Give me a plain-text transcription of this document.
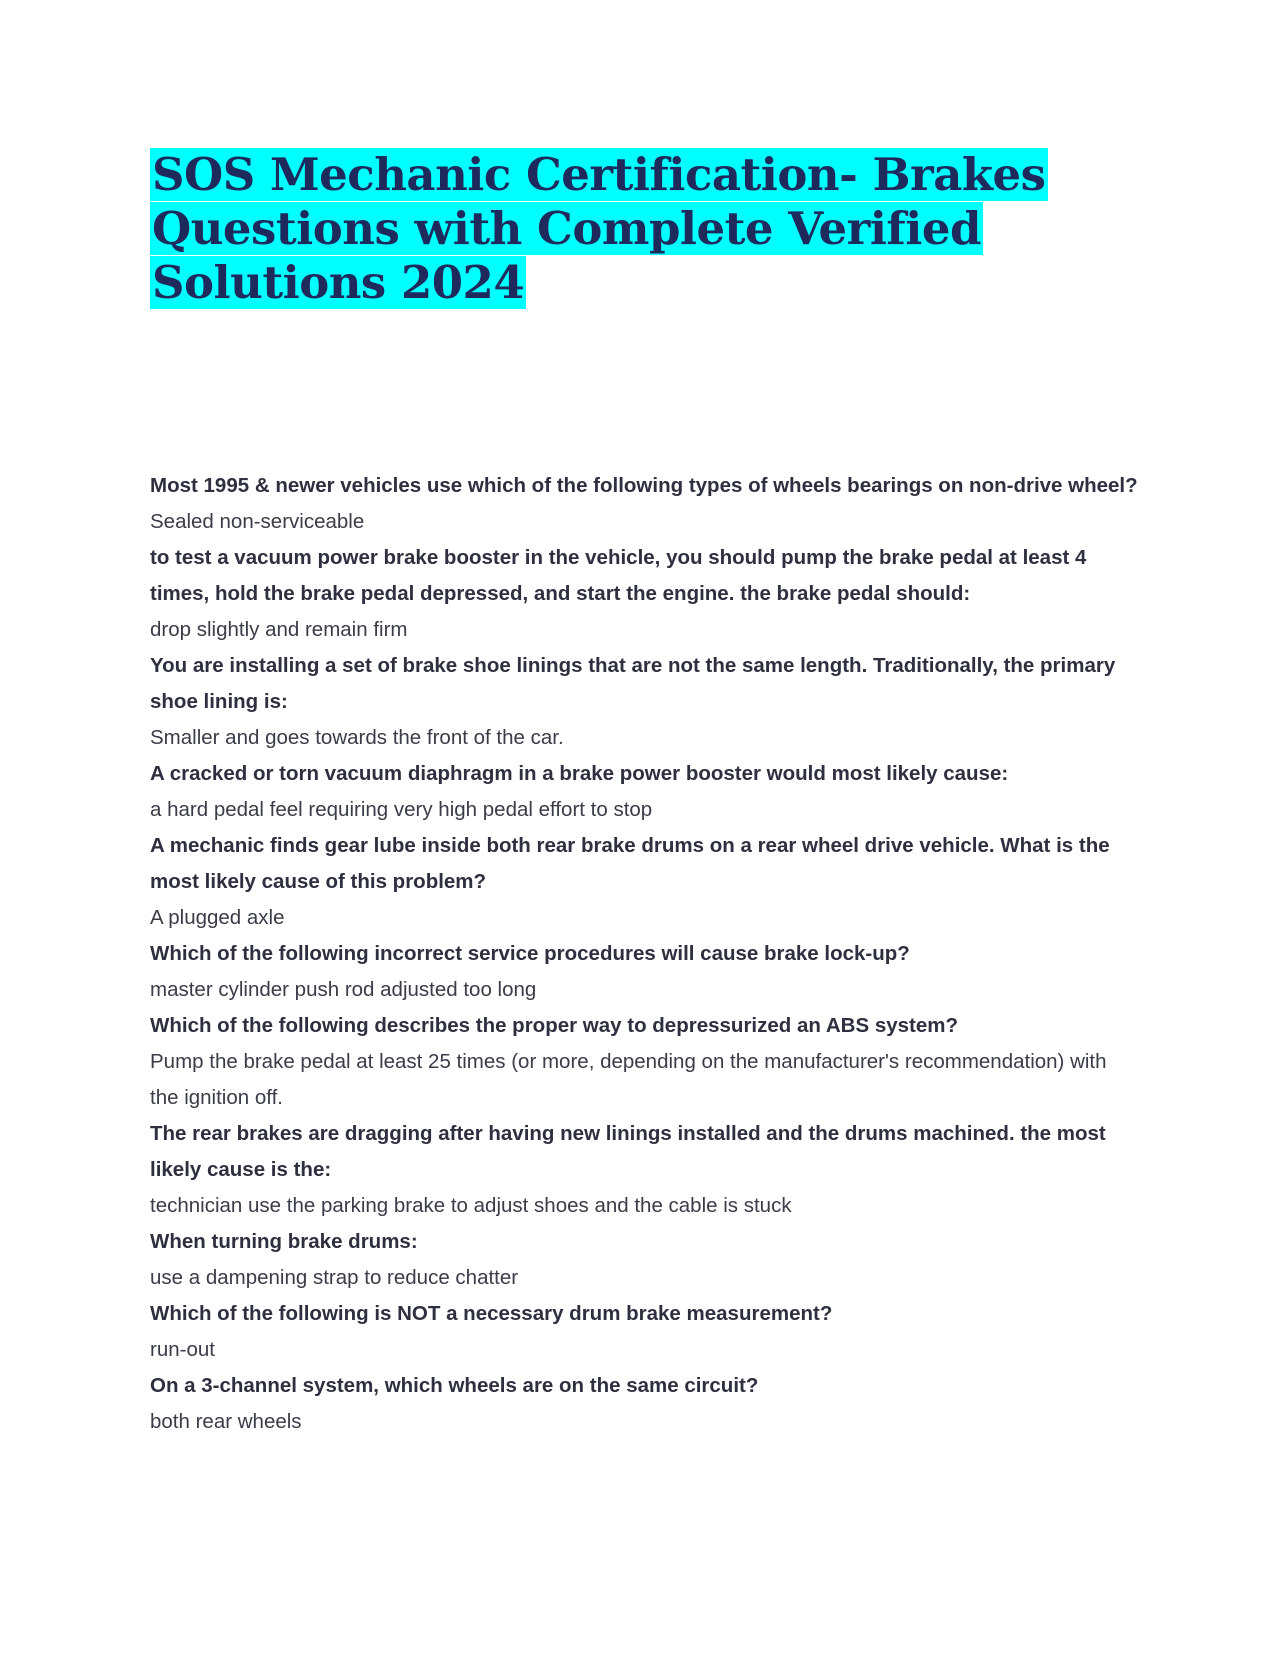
SOS Mechanic Certification- Brakes Questions with Complete Verified Solutions 2024

Most 1995 & newer vehicles use which of the following types of wheels bearings on non-drive wheel?

Sealed non-serviceable

to test a vacuum power brake booster in the vehicle, you should pump the brake pedal at least 4 times, hold the brake pedal depressed, and start the engine. the brake pedal should:

drop slightly and remain firm

You are installing a set of brake shoe linings that are not the same length. Traditionally, the primary shoe lining is:

Smaller and goes towards the front of the car.

A cracked or torn vacuum diaphragm in a brake power booster would most likely cause:

a hard pedal feel requiring very high pedal effort to stop

A mechanic finds gear lube inside both rear brake drums on a rear wheel drive vehicle. What is the most likely cause of this problem?

A plugged axle

Which of the following incorrect service procedures will cause brake lock-up?

master cylinder push rod adjusted too long

Which of the following describes the proper way to depressurized an ABS system?

Pump the brake pedal at least 25 times (or more, depending on the manufacturer's recommendation) with the ignition off.

The rear brakes are dragging after having new linings installed and the drums machined. the most likely cause is the:

technician use the parking brake to adjust shoes and the cable is stuck

When turning brake drums:

use a dampening strap to reduce chatter

Which of the following is NOT a necessary drum brake measurement?

run-out

On a 3-channel system, which wheels are on the same circuit?

both rear wheels
